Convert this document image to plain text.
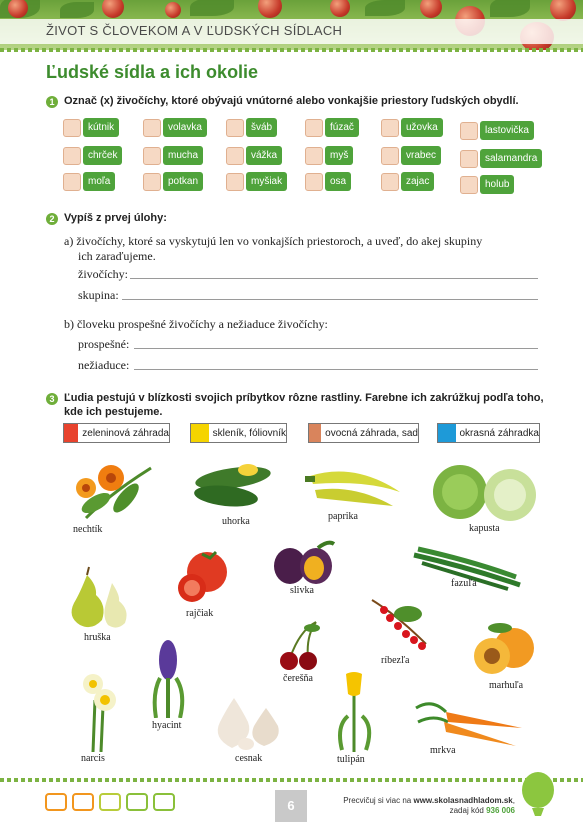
ŽIVOT S ČLOVEKOM A V ĽUDSKÝCH SÍDLACH
Ľudské sídla a ich okolie
1 Označ (x) živočíchy, ktoré obývajú vnútorné alebo vonkajšie priestory ľudských obydlí.
kútnik	volavka	šváb	fúzač	užovka	lastovička
chrček	mucha	vážka	myš	vrabec	salamandra
moľa	potkan	myšiak	osa	zajac	holub
2 Vypíš z prvej úlohy:
a) živočíchy, ktoré sa vyskytujú len vo vonkajších priestoroch, a uveď, do akej skupiny
ich zaraďujeme.
živočíchy:
skupina:
b) človeku prospešné živočíchy a nežiaduce živočíchy:
prospešné:
nežiaduce:
3 Ľudia pestujú v blízkosti svojich príbytkov rôzne rastliny. Farebne ich zakrúžkuj podľa toho,
kde ich pestujeme.
zeleninová záhrada	skleník, fóliovník	ovocná záhrada, sad	okrasná záhradka
nechtík
uhorka	paprika
kapusta
hruška
rajčiak
slivka
fazuľa
čerešňa
ríbezľa
marhuľa
narcis
hyacint
cesnak	tulipán
mrkva
6	Precvičuj si viac na www.skolasnadhladom.sk,
zadaj kód 936 006
